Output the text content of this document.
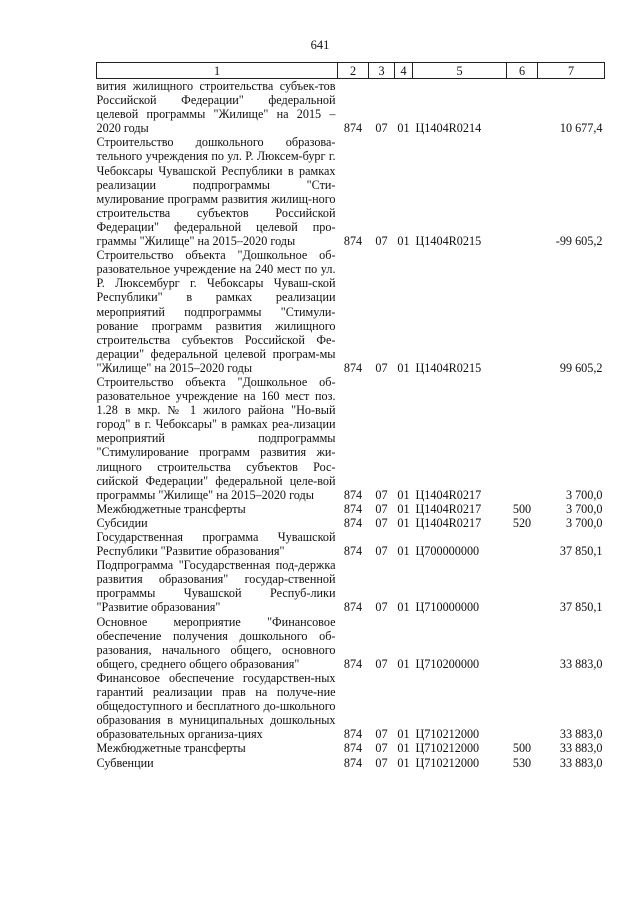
641
1	2	3	4	5	6	7
вития жилищного строительства субъек-тов Российской Федерации" федеральной целевой программы "Жилище" на 2015 – 2020 годы	874	07	01	Ц1404R0214		10 677,4
Строительство дошкольного образова-тельного учреждения по ул. Р. Люксем-бург г. Чебоксары Чувашской Республики в рамках реализации подпрограммы "Сти-мулирование программ развития жилищ-ного строительства субъектов Российской Федерации" федеральной целевой про-граммы "Жилище" на 2015–2020 годы	874	07	01	Ц1404R0215		-99 605,2
Строительство объекта "Дошкольное об-разовательное учреждение на 240 мест по ул. Р. Люксембург г. Чебоксары Чуваш-ской Республики" в рамках реализации мероприятий подпрограммы "Стимули-рование программ развития жилищного строительства субъектов Российской Фе-дерации" федеральной целевой програм-мы "Жилище" на 2015–2020 годы	874	07	01	Ц1404R0215		99 605,2
Строительство объекта "Дошкольное об-разовательное учреждение на 160 мест поз. 1.28 в мкр. № 1 жилого района "Но-вый город" в г. Чебоксары" в рамках реа-лизации мероприятий подпрограммы "Стимулирование программ развития жи-лищного строительства субъектов Рос-сийской Федерации" федеральной целе-вой программы "Жилище" на 2015–2020 годы	874	07	01	Ц1404R0217		3 700,0
Межбюджетные трансферты	874	07	01	Ц1404R0217	500	3 700,0
Субсидии	874	07	01	Ц1404R0217	520	3 700,0
Государственная программа Чувашской Республики "Развитие образования"	874	07	01	Ц700000000		37 850,1
Подпрограмма "Государственная под-держка развития образования" государ-ственной программы Чувашской Респуб-лики "Развитие образования"	874	07	01	Ц710000000		37 850,1
Основное мероприятие "Финансовое обеспечение получения дошкольного об-разования, начального общего, основного общего, среднего общего образования"	874	07	01	Ц710200000		33 883,0
Финансовое обеспечение государствен-ных гарантий реализации прав на получе-ние общедоступного и бесплатного до-школьного образования в муниципальных дошкольных образовательных организа-циях	874	07	01	Ц710212000		33 883,0
Межбюджетные трансферты	874	07	01	Ц710212000	500	33 883,0
Субвенции	874	07	01	Ц710212000	530	33 883,0
